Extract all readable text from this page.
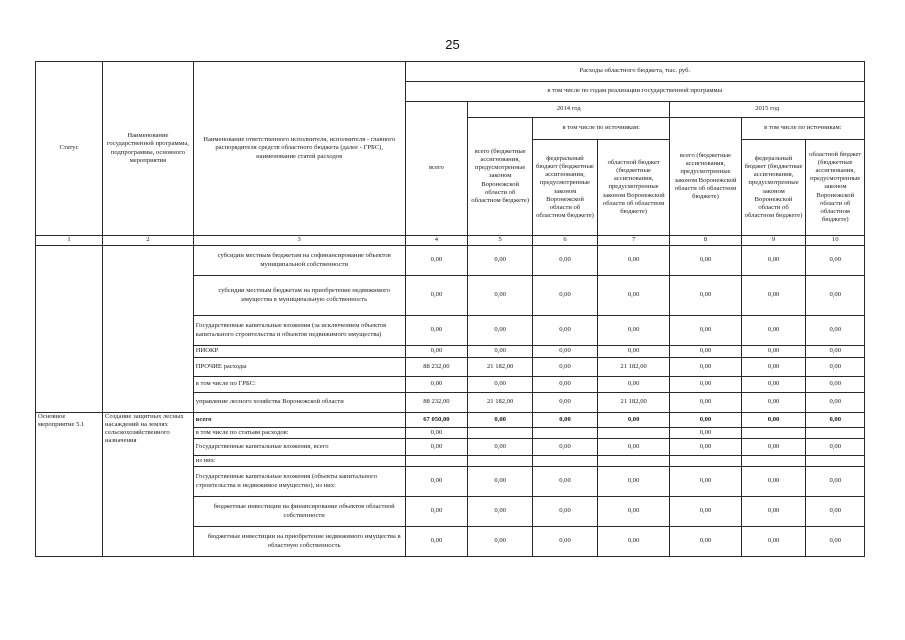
25
Статус	Наименование государственной программы, подпрограммы, основного мероприятия	Наименование ответственного исполнителя, исполнителя - главного распорядителя средств областного бюджета (далее - ГРБС), наименование статей расходов	Расходы областного бюджета, тыс. руб.						
			в том числе по годам реализации государственной программы						
			всего	2014 год			2015 год		
				всего (бюджетные ассигнования, предусмотренные законом Воронежской области об областном бюджете)	в том числе по источникам:		всего (бюджетные ассигнования, предусмотренные законом Воронежской области об областном бюджете)	в том числе по источникам:	
					федеральный бюджет (бюджетные ассигнования, предусмотренные законом Воронежской области об областном бюджете)	областной бюджет (бюджетные ассигнования, предусмотренные законом Воронежской области об областном бюджете)		федеральный бюджет (бюджетные ассигнования, предусмотренные законом Воронежской области об областном бюджете)	областной бюджет (бюджетные ассигнования, предусмотренные законом Воронежской области об областном бюджете)
1	2	3	4	5	6	7	8	9	10
		субсидии местным бюджетам на софинансирование объектов муниципальной собственности	0,00	0,00	0,00	0,00	0,00	0,00	0,00
		субсидии местным бюджетам на приобретение недвижимого имущества в муниципальную собственность	0,00	0,00	0,00	0,00	0,00	0,00	0,00
		Государственные капитальные вложения (за исключением объектов капитального строительства и объектов недвижимого имущества)	0,00	0,00	0,00	0,00	0,00	0,00	0,00
		НИОКР	0,00	0,00	0,00	0,00	0,00	0,00	0,00
		ПРОЧИЕ расходы	88 232,00	21 182,00	0,00	21 182,00	0,00	0,00	0,00
		в том числе по ГРБС:	0,00	0,00	0,00	0,00	0,00	0,00	0,00
		управление лесного хозяйства Воронежской области	88 232,00	21 182,00	0,00	21 182,00	0,00	0,00	0,00
Основное мероприятие 5.1	Создание защитных лесных насаждений на землях сельскохозяйственного назначения	всего	67 050,00	0,00	0,00	0,00	0,00	0,00	0,00
		в том числе по статьям расходов:	0,00				0,00		
		Государственные капитальные вложения, всего	0,00	0,00	0,00	0,00	0,00	0,00	0,00
		из них:							
		Государственные капитальные вложения (объекты капитального строительства и недвижимое имущество), из них:	0,00	0,00	0,00	0,00	0,00	0,00	0,00
		бюджетные инвестиции на финансирование объектов областной собственности	0,00	0,00	0,00	0,00	0,00	0,00	0,00
		бюджетные инвестиции на приобретение недвижимого имущества в областную собственность	0,00	0,00	0,00	0,00	0,00	0,00	0,00
